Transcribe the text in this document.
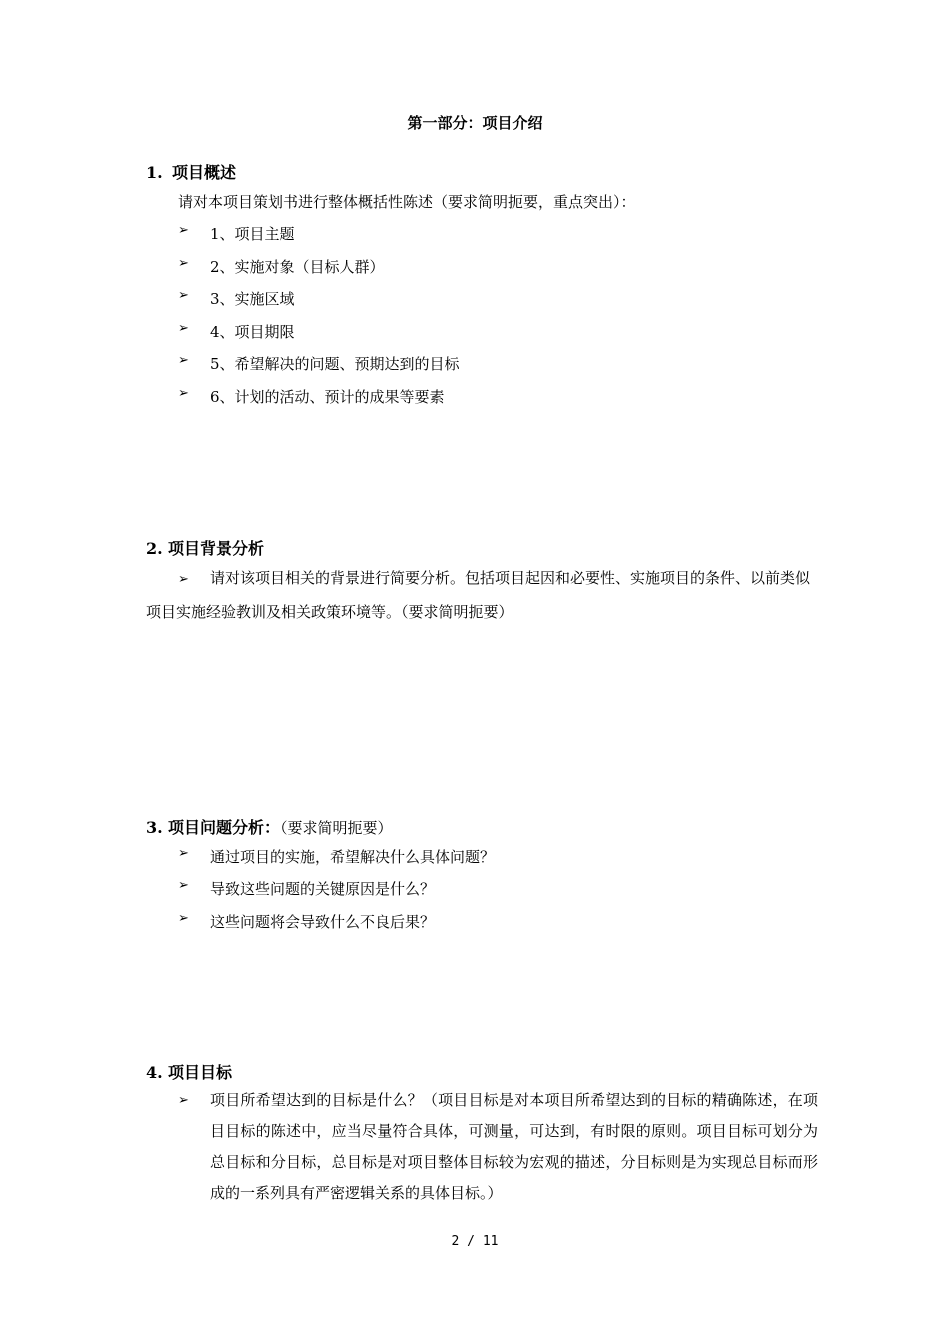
第一部分：项目介绍
1. 项目概述
请对本项目策划书进行整体概括性陈述（要求简明扼要，重点突出）：
➢	1、项目主题
➢	2、实施对象（目标人群）
➢	3、实施区域
➢	4、项目期限
➢	5、希望解决的问题、预期达到的目标
➢	6、计划的活动、预计的成果等要素
2. 项目背景分析
➢ 请对该项目相关的背景进行简要分析。包括项目起因和必要性、实施项目的条件、以前类似项目实施经验教训及相关政策环境等。（要求简明扼要）
3. 项目问题分析：（要求简明扼要）
➢	通过项目的实施，希望解决什么具体问题？
➢	导致这些问题的关键原因是什么？
➢	这些问题将会导致什么不良后果？
4. 项目目标
➢	项目所希望达到的目标是什么？（项目目标是对本项目所希望达到的目标的精确陈述，在项目目标的陈述中，应当尽量符合具体，可测量，可达到，有时限的原则。项目目标可划分为总目标和分目标，总目标是对项目整体目标较为宏观的描述，分目标则是为实现总目标而形成的一系列具有严密逻辑关系的具体目标。）
2 / 11
